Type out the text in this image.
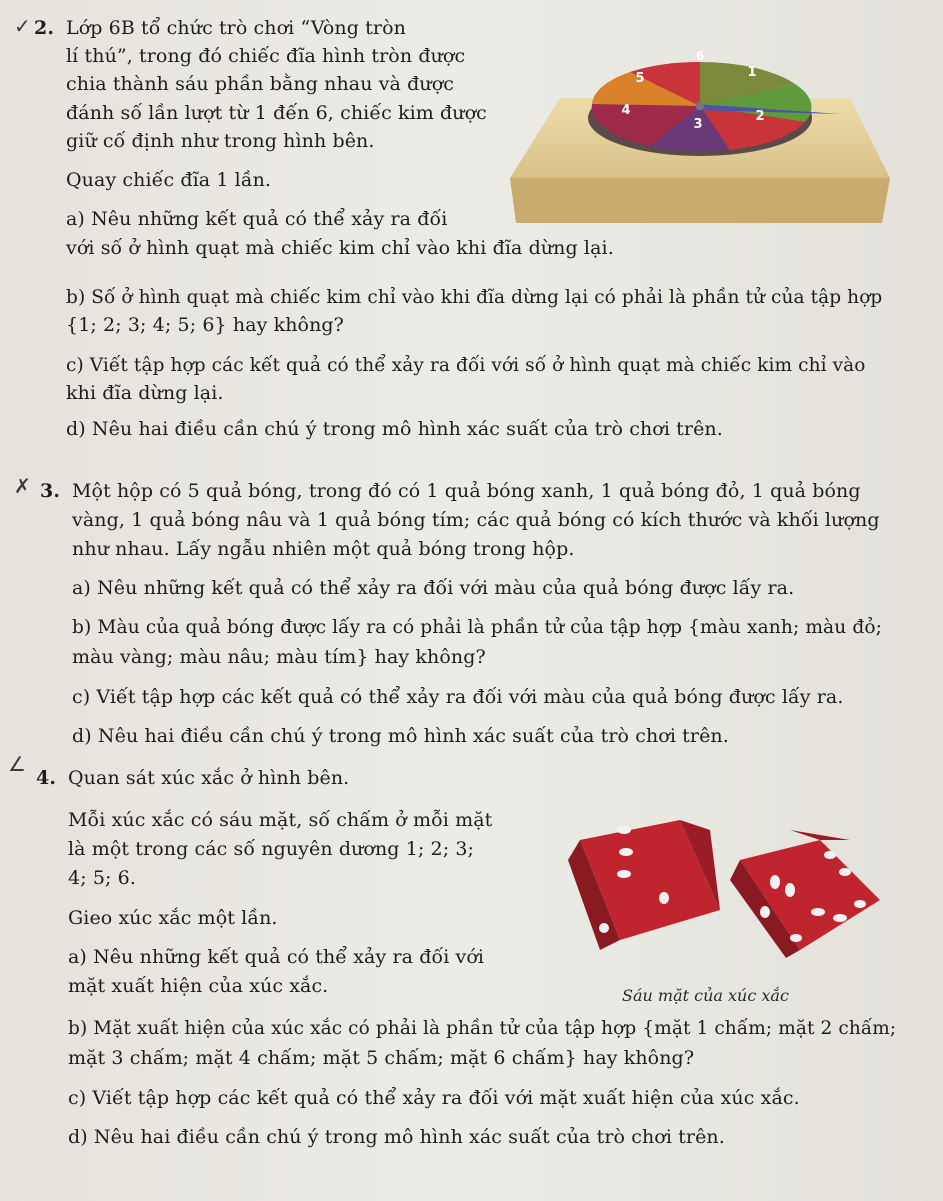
✓ 2. Lớp 6B tổ chức trò chơi “Vòng tròn
lí thú”, trong đó chiếc đĩa hình tròn được
chia thành sáu phần bằng nhau và được
đánh số lần lượt từ 1 đến 6, chiếc kim được
giữ cố định như trong hình bên.
Quay chiếc đĩa 1 lần.
a) Nêu những kết quả có thể xảy ra đối
với số ở hình quạt mà chiếc kim chỉ vào khi đĩa dừng lại.
b) Số ở hình quạt mà chiếc kim chỉ vào khi đĩa dừng lại có phải là phần tử của tập hợp
{1; 2; 3; 4; 5; 6} hay không?
c) Viết tập hợp các kết quả có thể xảy ra đối với số ở hình quạt mà chiếc kim chỉ vào
khi đĩa dừng lại.
d) Nêu hai điều cần chú ý trong mô hình xác suất của trò chơi trên.
6
5	1
4
3
2
✗ 3. Một hộp có 5 quả bóng, trong đó có 1 quả bóng xanh, 1 quả bóng đỏ, 1 quả bóng
vàng, 1 quả bóng nâu và 1 quả bóng tím; các quả bóng có kích thước và khối lượng
như nhau. Lấy ngẫu nhiên một quả bóng trong hộp.
a) Nêu những kết quả có thể xảy ra đối với màu của quả bóng được lấy ra.
b) Màu của quả bóng được lấy ra có phải là phần tử của tập hợp {màu xanh; màu đỏ;
màu vàng; màu nâu; màu tím} hay không?
c) Viết tập hợp các kết quả có thể xảy ra đối với màu của quả bóng được lấy ra.
d) Nêu hai điều cần chú ý trong mô hình xác suất của trò chơi trên.
∠
4. Quan sát xúc xắc ở hình bên.
Mỗi xúc xắc có sáu mặt, số chấm ở mỗi mặt
là một trong các số nguyên dương 1; 2; 3;
4; 5; 6.
Gieo xúc xắc một lần.
a) Nêu những kết quả có thể xảy ra đối với
mặt xuất hiện của xúc xắc.
b) Mặt xuất hiện của xúc xắc có phải là phần tử của tập hợp {mặt 1 chấm; mặt 2 chấm;
mặt 3 chấm; mặt 4 chấm; mặt 5 chấm; mặt 6 chấm} hay không?
c) Viết tập hợp các kết quả có thể xảy ra đối với mặt xuất hiện của xúc xắc.
d) Nêu hai điều cần chú ý trong mô hình xác suất của trò chơi trên.
Sáu mặt của xúc xắc
